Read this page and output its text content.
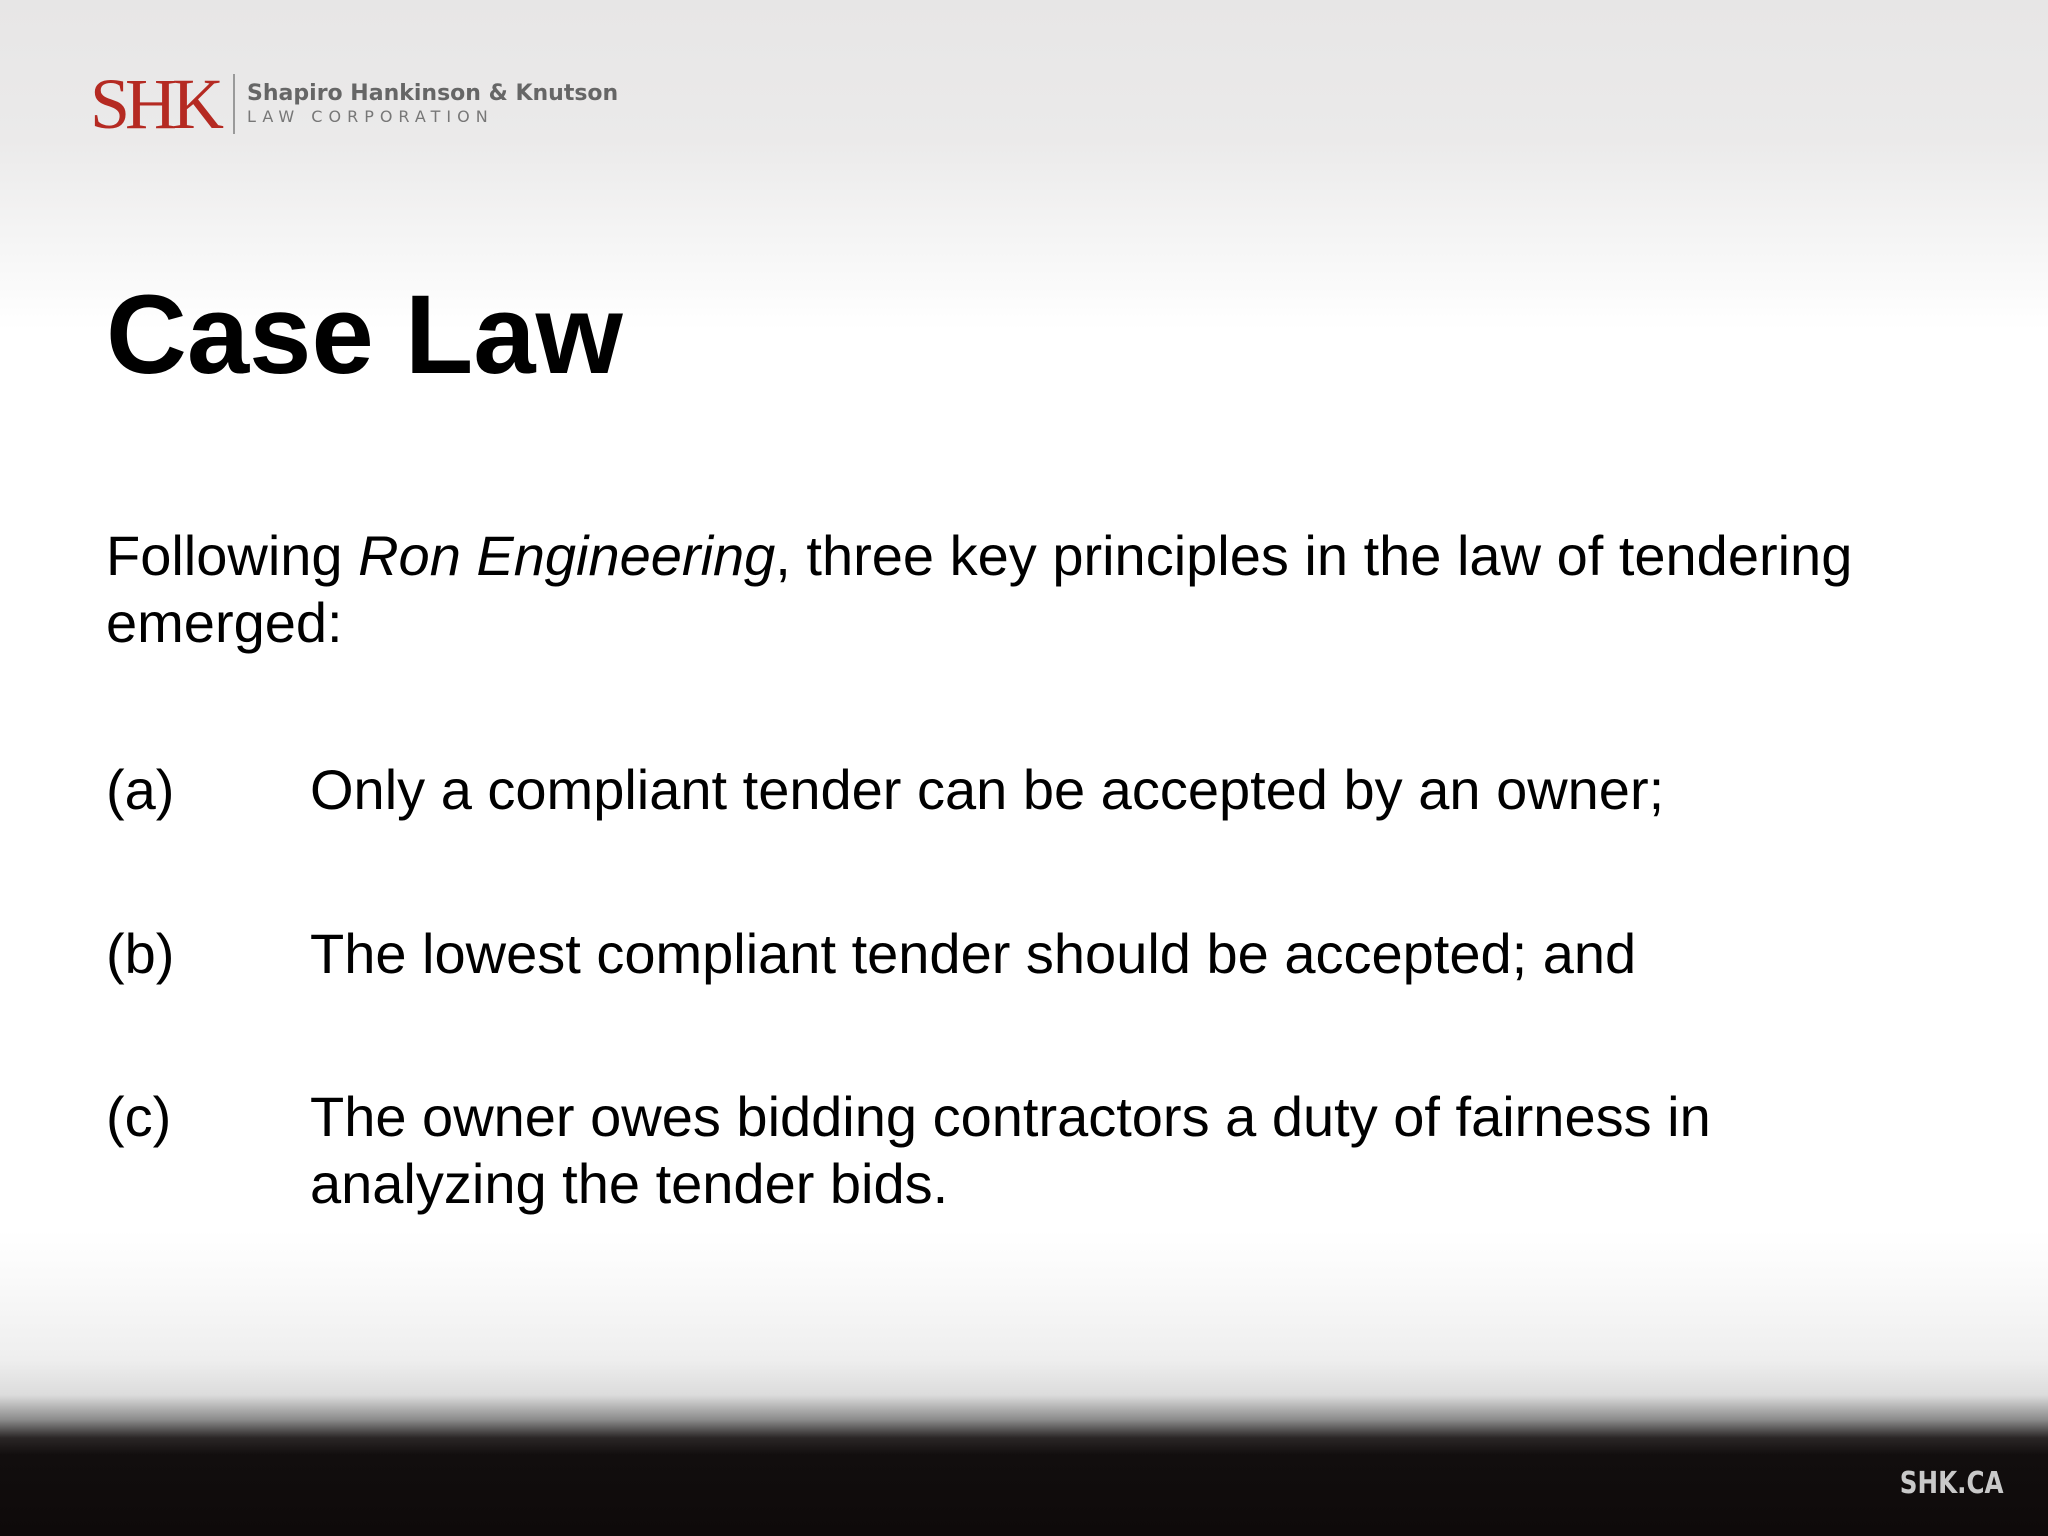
SHK Shapiro Hankinson & Knutson
LAW CORPORATION
Case Law

Following Ron Engineering, three key principles in the law of tendering emerged:

(a) Only a compliant tender can be accepted by an owner;
(b) The lowest compliant tender should be accepted; and
(c) The owner owes bidding contractors a duty of fairness in analyzing the tender bids.
SHK.CA
